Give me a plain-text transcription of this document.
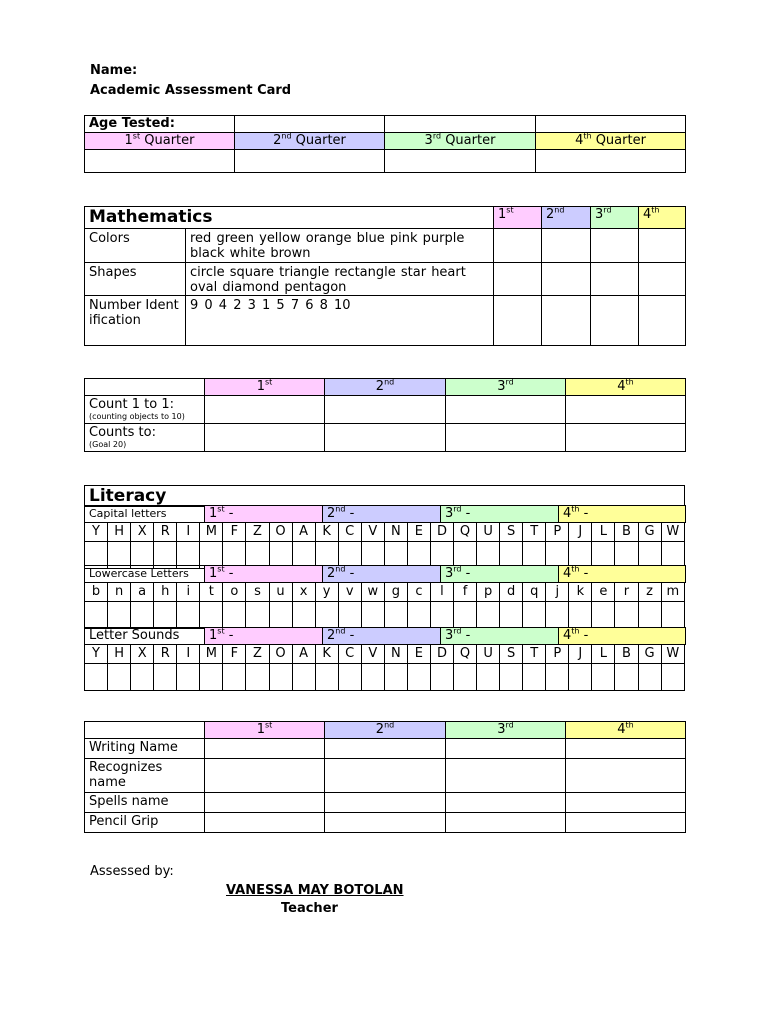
Name:
Academic Assessment Card
Age Tested:			
1st Quarter	2nd Quarter	3rd Quarter	4th Quarter

Mathematics		1st	2nd	3rd	4th
Colors	red green yellow orange blue pink purple black white brown				
Shapes	circle square triangle rectangle star heart oval diamond pentagon				
Number Identification	9 0 4 2 3 1 5 7 6 8 10				
	1st	2nd	3rd	4th
Count 1 to 1:
(counting objects to 10)				

Counts to:
(Goal 20)				

Literacy
Capital letters	1st -	2nd -	3rd -	4th -
Y	H	X	R	I	M	F	Z	O	A	K	C	V	N	E	D	Q	U	S	T	P	J	L	B	G	W

Lowercase Letters	1st -	2nd -	3rd -	4th -
b	n	a	h	i	t	o	s	u	x	y	v	w	g	c	l	f	p	d	q	j	k	e	r	z	m

Letter Sounds	1st -	2nd -	3rd -	4th -
Y	H	X	R	I	M	F	Z	O	A	K	C	V	N	E	D	Q	U	S	T	P	J	L	B	G	W

	1st	2nd	3rd	4th
Writing Name				
Recognizes name				
Spells name				
Pencil Grip				
Assessed by:
VANESSA MAY BOTOLAN
Teacher
